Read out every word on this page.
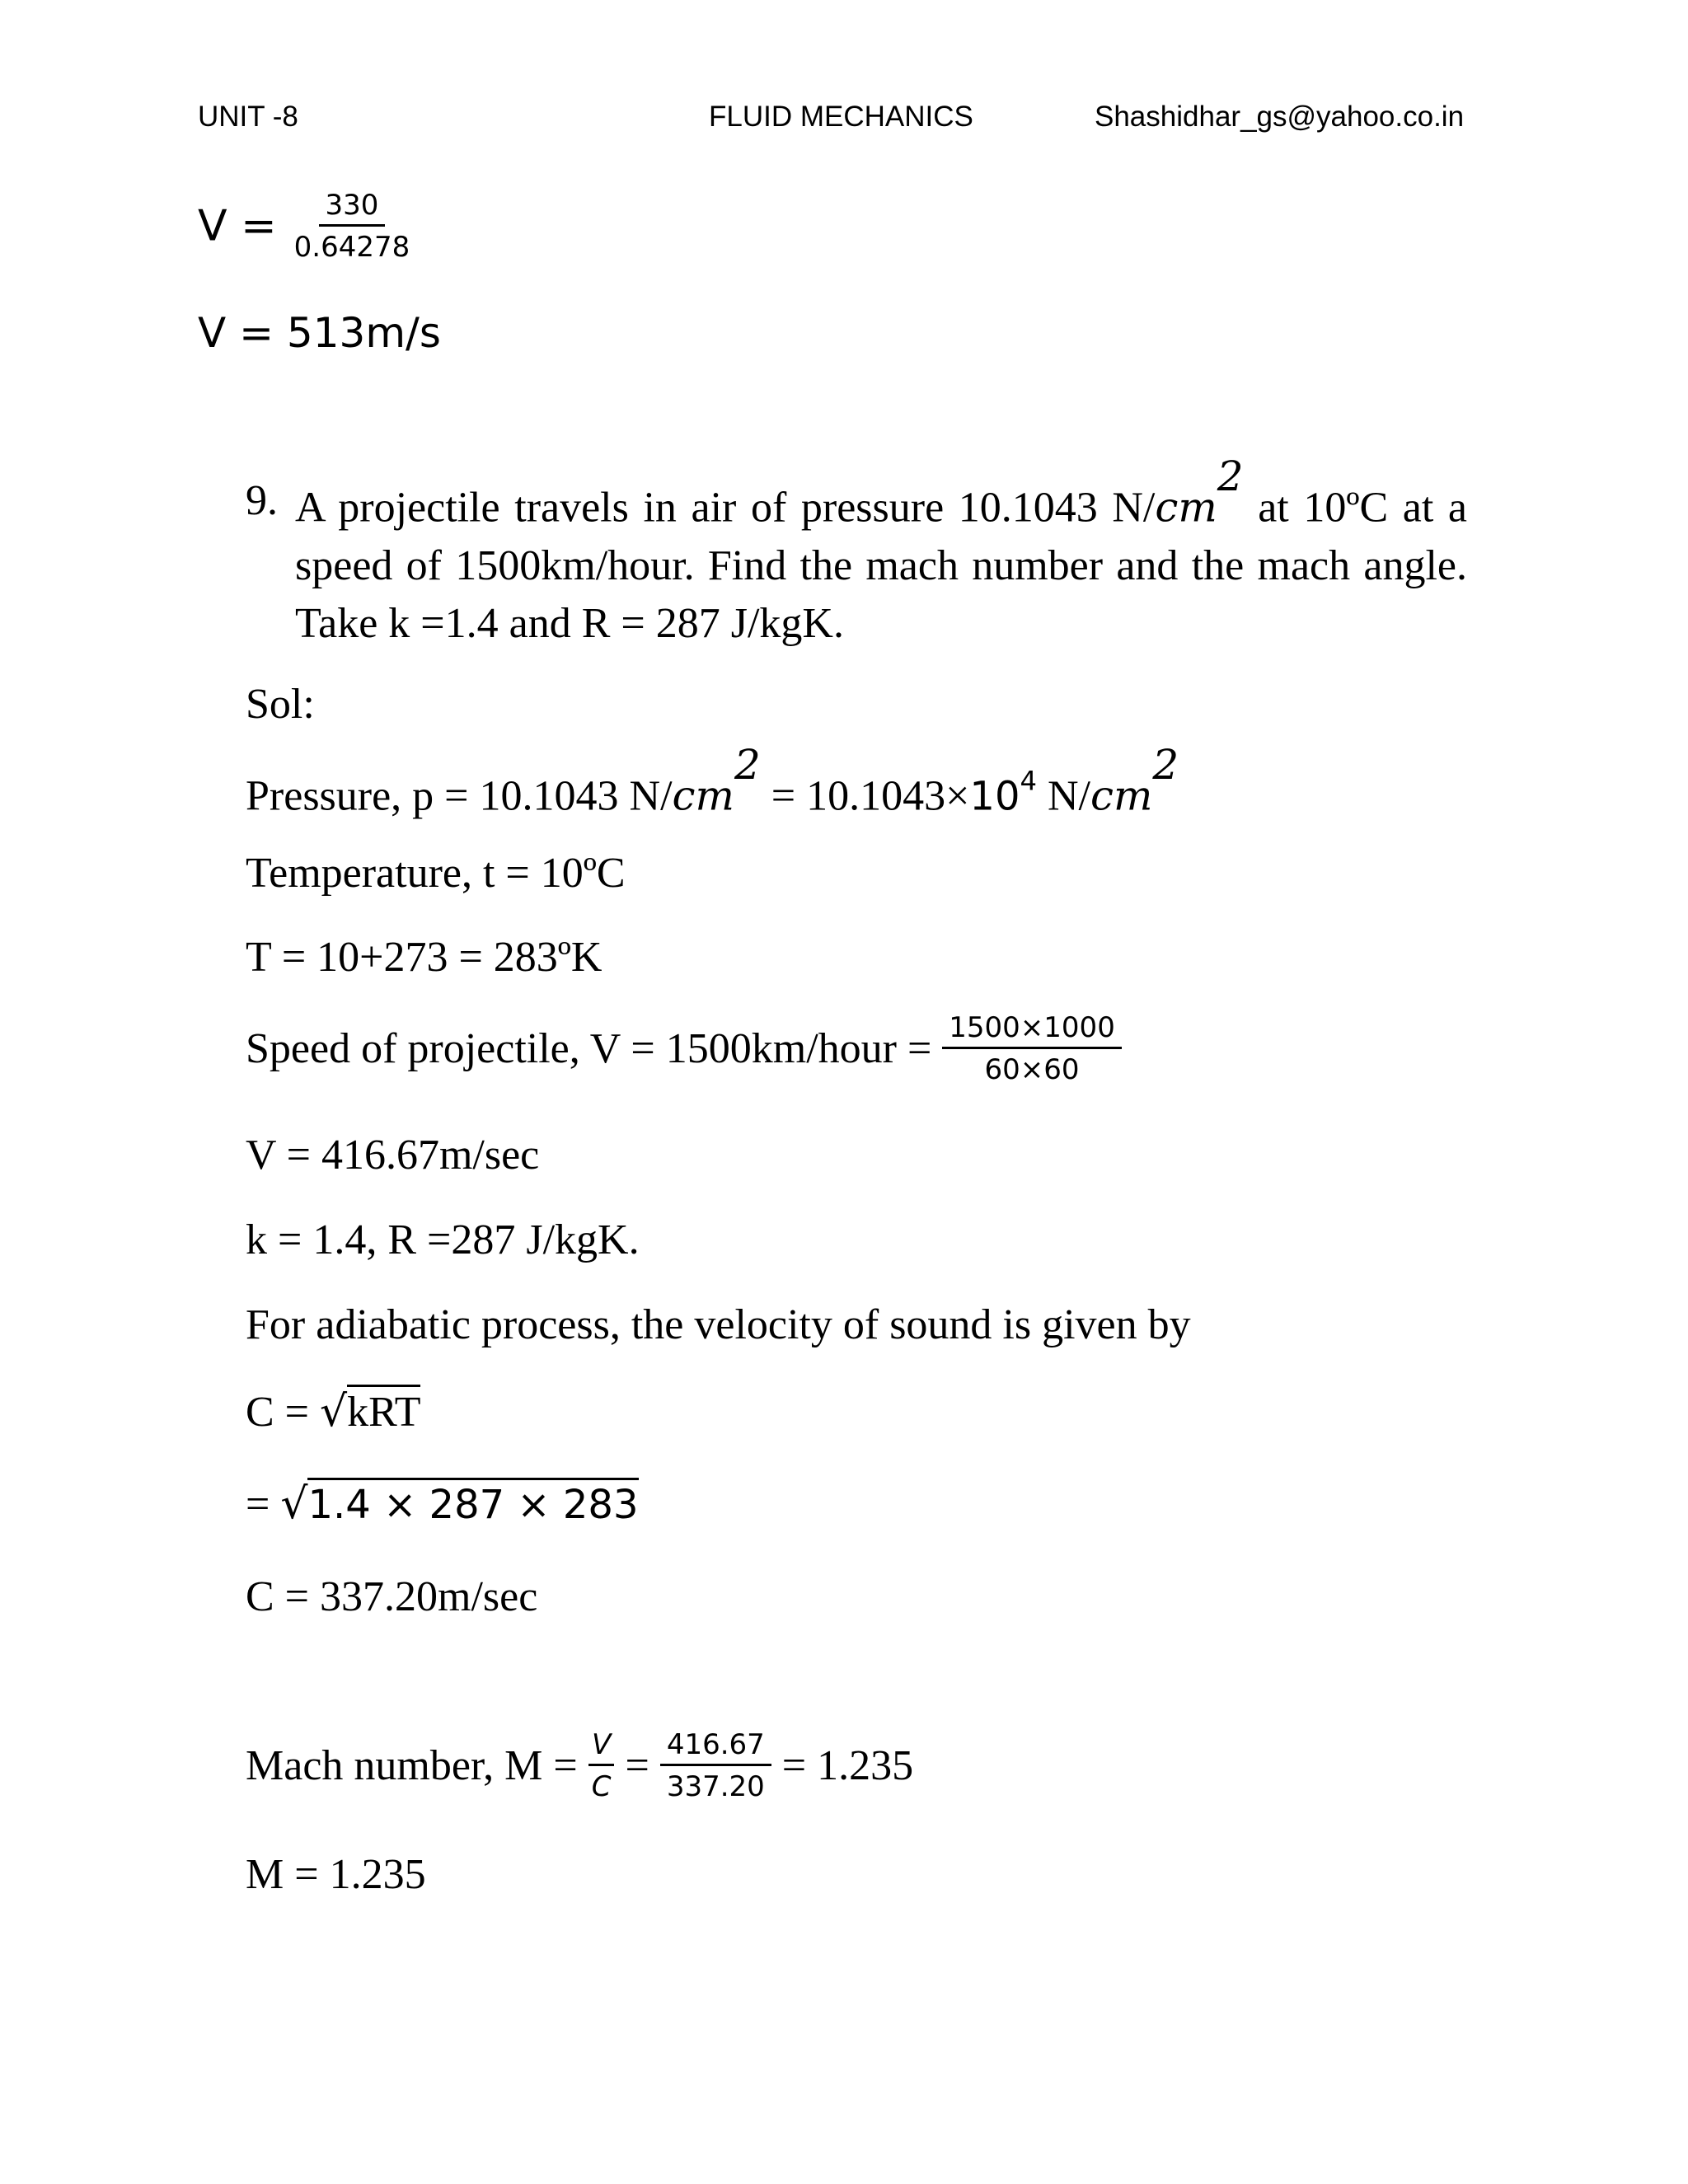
UNIT -8	FLUID MECHANICS	Shashidhar_gs@yahoo.co.in
$V = \frac{330}{0.64278}$
V = 513m/s
9. A projectile travels in air of pressure 10.1043 $N/cm^2$ at 10ºC at a
speed of 1500km/hour. Find the mach number and the mach angle.
Take k =1.4 and R = 287 J/kgK.
Sol:
Pressure, p = 10.1043 $N/cm^2 = 10.1043\times 10^4$ $N/cm^2$
Temperature, t = 10ºC
T = 10+273 = 283ºK
Speed of projectile, V = 1500km/hour = $\frac{1500\times 1000}{60\times 60}$
V = 416.67m/sec
k = 1.4, R =287 J/kgK.
For adiabatic process, the velocity of sound is given by
C = √kRT
= √1.4 × 287 × 283
C = 337.20m/sec
Mach number, $M = \frac{V}{C} = \frac{416.67}{337.20} = 1.235$
M = 1.235
